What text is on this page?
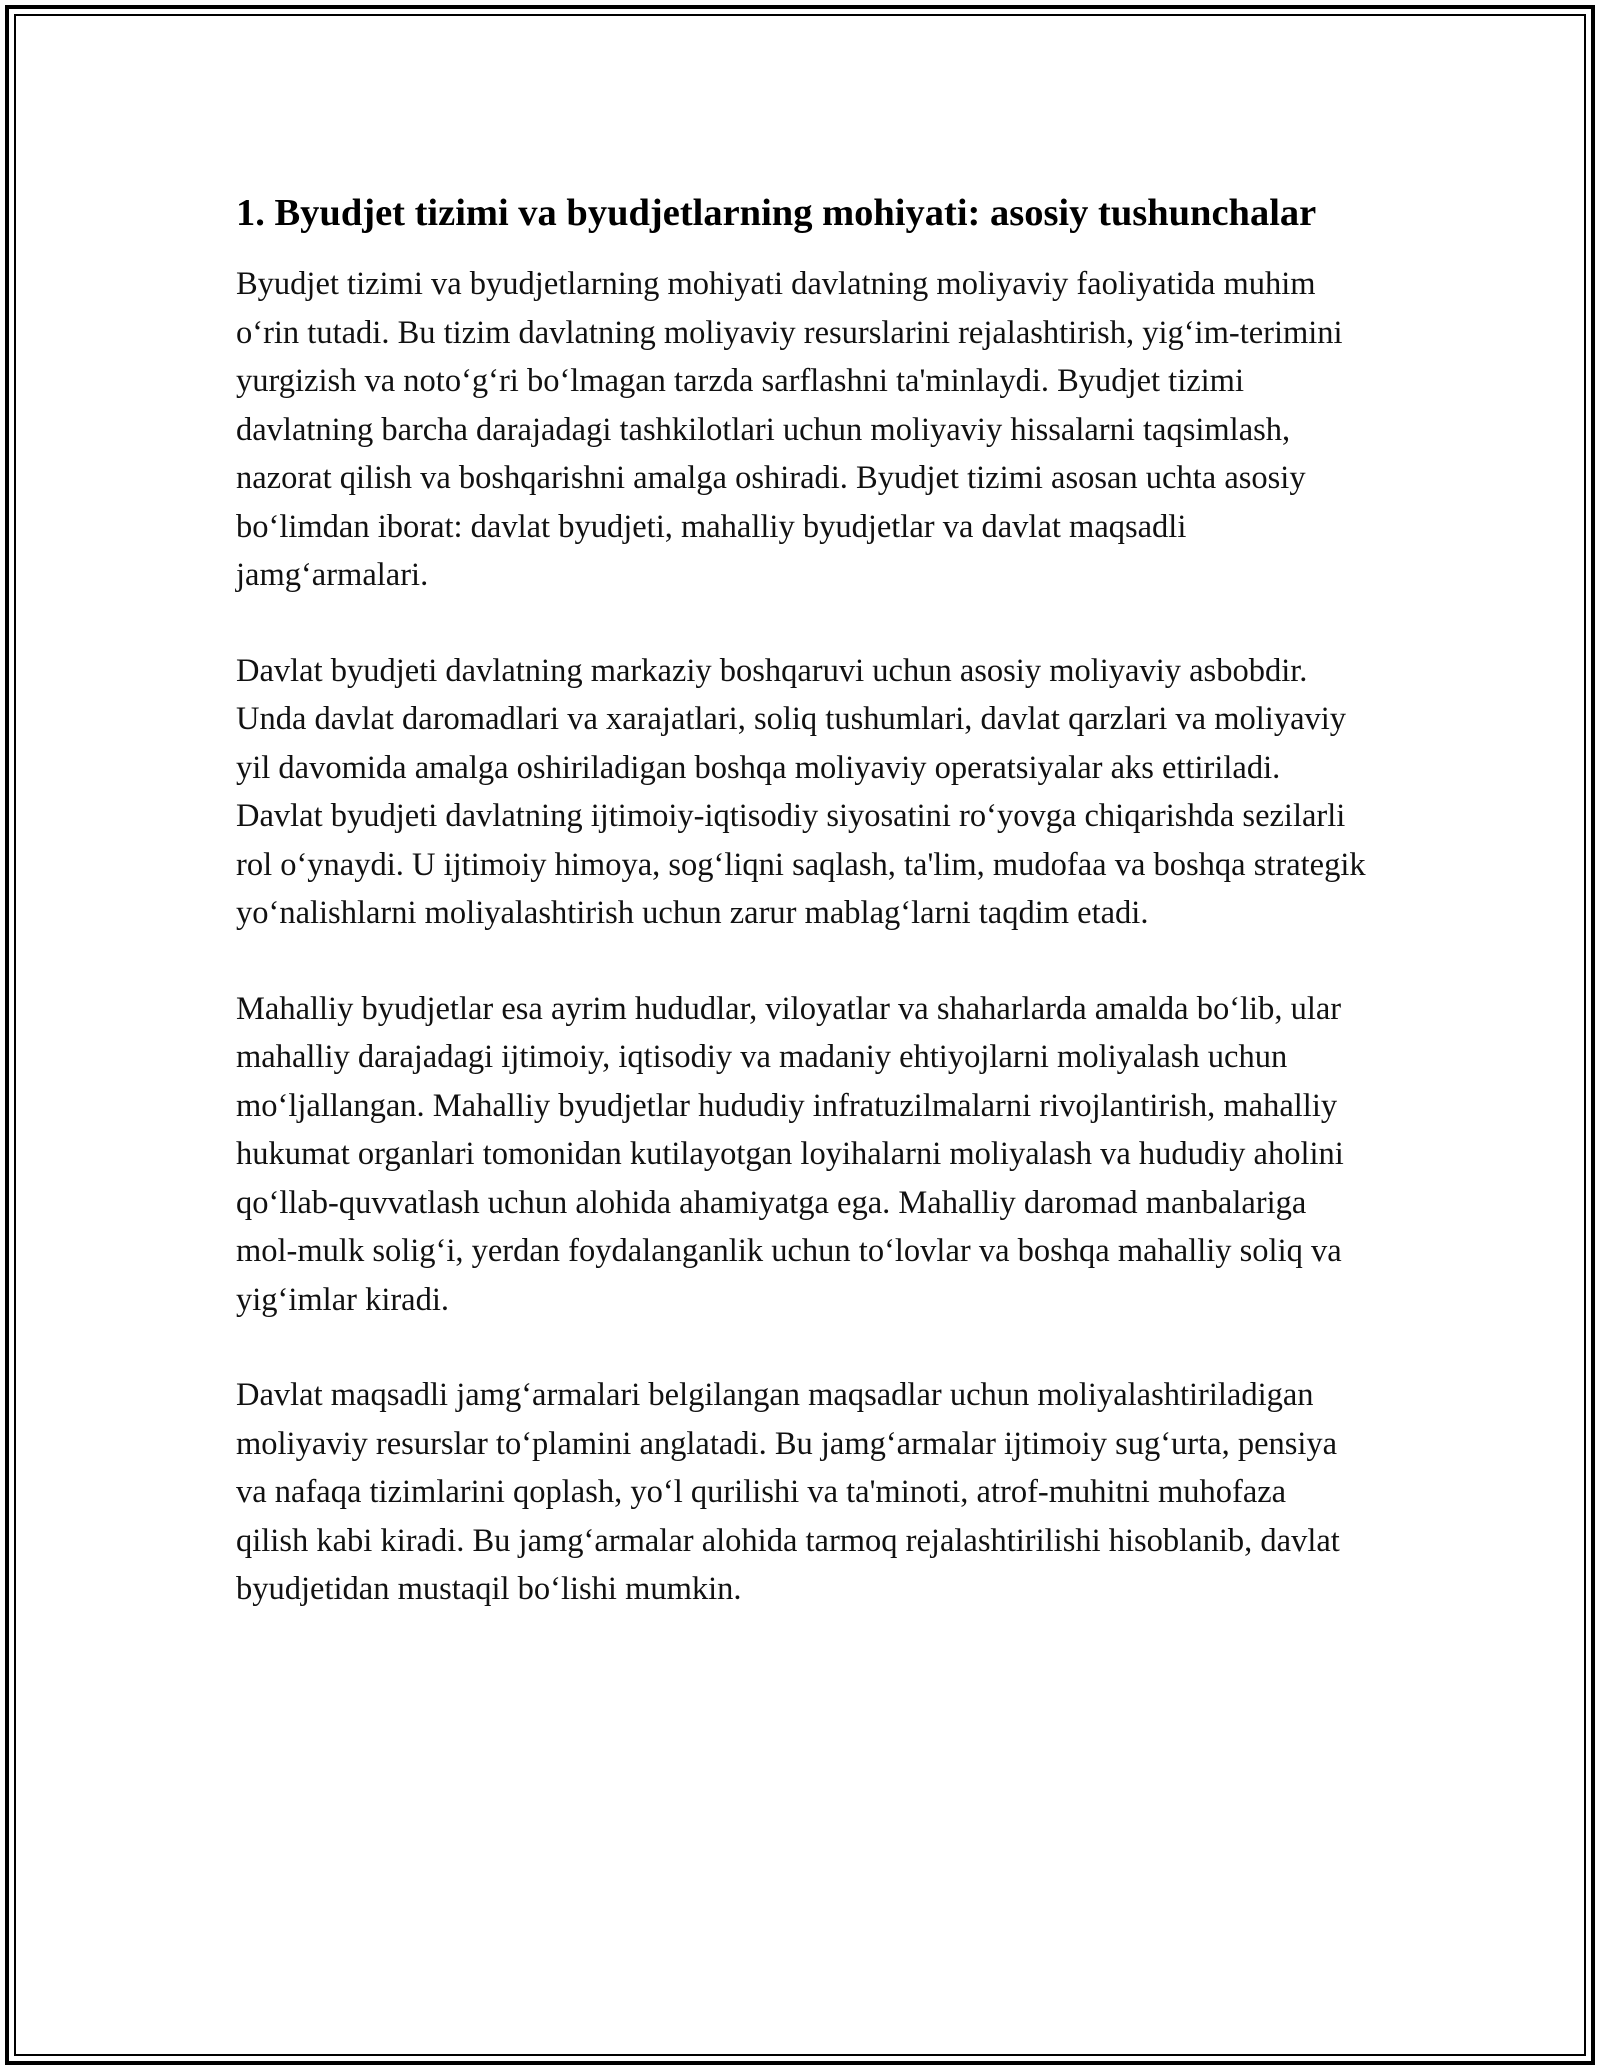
1. Byudjet tizimi va byudjetlarning mohiyati: asosiy tushunchalar

Byudjet tizimi va byudjetlarning mohiyati davlatning moliyaviy faoliyatida muhim o‘rin tutadi. Bu tizim davlatning moliyaviy resurslarini rejalashtirish, yig‘im-terimini yurgizish va noto‘g‘ri bo‘lmagan tarzda sarflashni ta'minlaydi. Byudjet tizimi davlatning barcha darajadagi tashkilotlari uchun moliyaviy hissalarni taqsimlash, nazorat qilish va boshqarishni amalga oshiradi. Byudjet tizimi asosan uchta asosiy bo‘limdan iborat: davlat byudjeti, mahalliy byudjetlar va davlat maqsadli jamg‘armalari.

Davlat byudjeti davlatning markaziy boshqaruvi uchun asosiy moliyaviy asbobdir. Unda davlat daromadlari va xarajatlari, soliq tushumlari, davlat qarzlari va moliyaviy yil davomida amalga oshiriladigan boshqa moliyaviy operatsiyalar aks ettiriladi. Davlat byudjeti davlatning ijtimoiy-iqtisodiy siyosatini ro‘yovga chiqarishda sezilarli rol o‘ynaydi. U ijtimoiy himoya, sog‘liqni saqlash, ta'lim, mudofaa va boshqa strategik yo‘nalishlarni moliyalashtirish uchun zarur mablag‘larni taqdim etadi.

Mahalliy byudjetlar esa ayrim hududlar, viloyatlar va shaharlarda amalda bo‘lib, ular mahalliy darajadagi ijtimoiy, iqtisodiy va madaniy ehtiyojlarni moliyalash uchun mo‘ljallangan. Mahalliy byudjetlar hududiy infratuzilmalarni rivojlantirish, mahalliy hukumat organlari tomonidan kutilayotgan loyihalarni moliyalash va hududiy aholini qo‘llab-quvvatlash uchun alohida ahamiyatga ega. Mahalliy daromad manbalariga mol-mulk solig‘i, yerdan foydalanganlik uchun to‘lovlar va boshqa mahalliy soliq va yig‘imlar kiradi.

Davlat maqsadli jamg‘armalari belgilangan maqsadlar uchun moliyalashtiriladigan moliyaviy resurslar to‘plamini anglatadi. Bu jamg‘armalar ijtimoiy sug‘urta, pensiya va nafaqa tizimlarini qoplash, yo‘l qurilishi va ta'minoti, atrof-muhitni muhofaza qilish kabi kiradi. Bu jamg‘armalar alohida tarmoq rejalashtirilishi hisoblanib, davlat byudjetidan mustaqil bo‘lishi mumkin.
